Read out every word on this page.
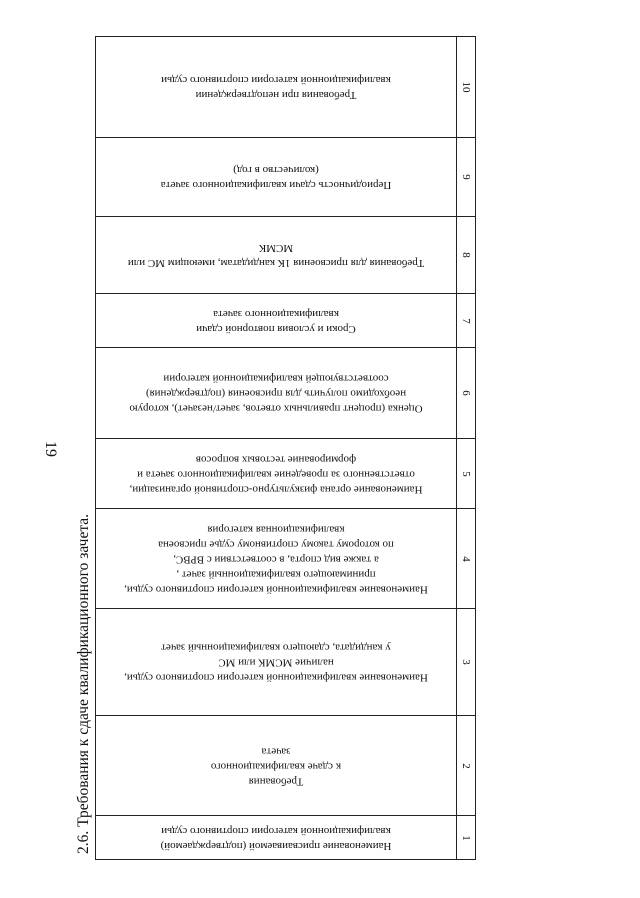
19
2.6. Требования к сдаче квалификационного зачета.
Требования при неподтверждении
квалификационной категории спортивного судьи
10
Периодичность сдачи квалификационного зачета
(количество в год)
9
Требования для присвоения 1К кандидатам, имеющим МС или
МСМК
8
Сроки и условия повторной сдачи
квалификационного зачета
7
Оценка (процент правильных ответов, зачет/незачет), которую
необходимо получить для присвоения (подтверждения)
соответствующей квалификационной категории
6
Наименование органа физкультурно-спортивной организации,
ответственного за проведение квалификационного зачета и
формирование тестовых вопросов
5
Наименование квалификационной категории спортивного судьи,
принимающего квалификационный зачет ,
а также вид спорта, в соответствии с ВРВС,
по которому такому спортивному судье присвоена
квалификационная категория
4
Наименование квалификационной категории спортивного судьи,
наличие МСМК или МС
у кандидата, сдающего квалификационный зачет
3
Требования
к сдаче квалификационного
зачета
2
Наименование присваиваемой (подтверждаемой)
квалификационной категории спортивного судьи
1
